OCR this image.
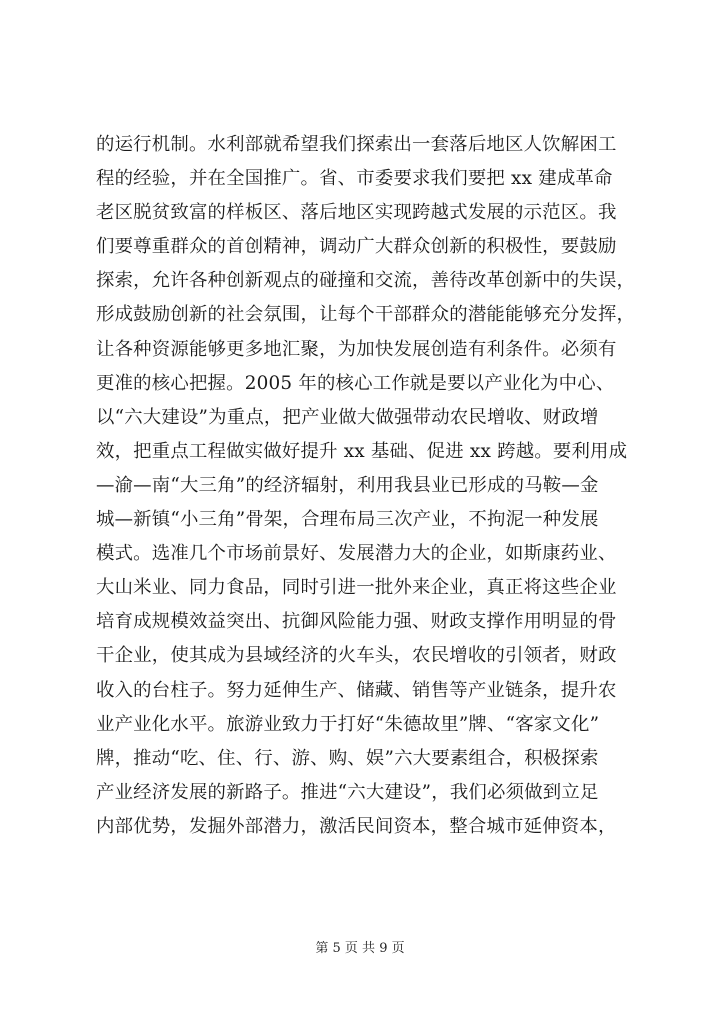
的运行机制。水利部就希望我们探索出一套落后地区人饮解困工
程的经验，并在全国推广。省、市委要求我们要把 xx 建成革命
老区脱贫致富的样板区、落后地区实现跨越式发展的示范区。我
们要尊重群众的首创精神，调动广大群众创新的积极性，要鼓励
探索，允许各种创新观点的碰撞和交流，善待改革创新中的失误，
形成鼓励创新的社会氛围，让每个干部群众的潜能能够充分发挥，
让各种资源能够更多地汇聚，为加快发展创造有利条件。必须有
更准的核心把握。2005 年的核心工作就是要以产业化为中心、
以“六大建设”为重点，把产业做大做强带动农民增收、财政增
效，把重点工程做实做好提升 xx 基础、促进 xx 跨越。要利用成
—渝—南“大三角”的经济辐射，利用我县业已形成的马鞍—金
城—新镇“小三角”骨架，合理布局三次产业，不拘泥一种发展
模式。选准几个市场前景好、发展潜力大的企业，如斯康药业、
大山米业、同力食品，同时引进一批外来企业，真正将这些企业
培育成规模效益突出、抗御风险能力强、财政支撑作用明显的骨
干企业，使其成为县域经济的火车头，农民增收的引领者，财政
收入的台柱子。努力延伸生产、储藏、销售等产业链条，提升农
业产业化水平。旅游业致力于打好“朱德故里”牌、“客家文化”
牌，推动“吃、住、行、游、购、娱”六大要素组合，积极探索
产业经济发展的新路子。推进“六大建设”，我们必须做到立足
内部优势，发掘外部潜力，激活民间资本，整合城市延伸资本，
第 5 页 共 9 页
